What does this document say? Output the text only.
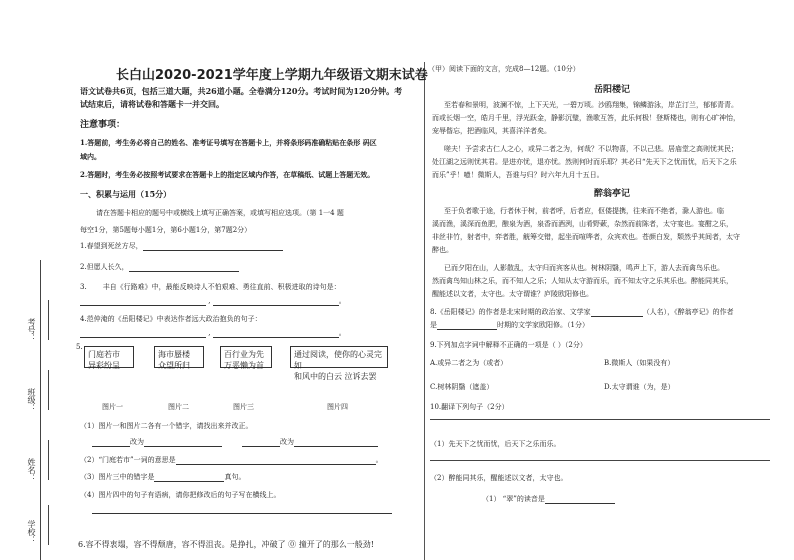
考号：
班级：
姓名：
学校：
长白山2020-2021学年度上学期九年级语文期末试卷
语文试卷共6页，包括三道大题，共26道小题。全卷满分120分。考试时间为120分钟。考
试结束后，请将试卷和答题卡一并交回。
注意事项：
1.答题前，考生务必将自己的姓名、准考证号填写在答题卡上，并将条形码准确粘贴在条形 码区
域内。
2.答题时，考生务必按照考试要求在答题卡上的指定区域内作答，在草稿纸、试题上答题无效。
一、积累与运用（15分）
请在答题卡相应的题号中或横线上填写正确答案，或填写相应选项。（第 1一4 题
每空1分，第5题每小题1分，第6小题1分，第7题2分）
1.春望到死丝方尽，
2.但愿人长久，
3. 丰自《行路难》中，最能反映诗人不怕艰难、勇往直前、积极进取的诗句是：
,	。
4.范仲淹的《岳阳楼记》中表达作者远大政治抱负的句子：
,	。
5.
门庭若市
异彩纷呈
海市蜃楼
众望所归
百行业为先
万恶懒为首
通过阅读，使你的心灵完如
和风中的白云 泣诉去罢
图片一	图片二	图片三	图片四
（1）图片一和图片二各有一个错字，请找出来并改正。
改为	改为
（2）“门庭若市”一词的意思是	。
（3）图片三中的错字是	真句。
（4）图片四中的句子有语病，请你把修改后的句子写在横线上。
6.容不得衷塌，容不得颓唐，容不得沮丧。是挣扎，冲破了 ⓪ 撞开了的那么一般劲!
（甲）阅读下面的文言，完成8—12题。（10分）
岳阳楼记
至若春和景明，波澜不惊，上下天光，一碧万顷。沙鸥翔集，锦鳞游泳，岸芷汀兰，郁郁青青。
而或长烟一空，皓月千里，浮光跃金，静影沉璧，渔歌互答，此乐何极！登斯楼也，则有心旷神怡，
宠辱偕忘，把酒临风，其喜洋洋者矣。
嗟夫！予尝求古仁人之心，或异二者之为，何哉？不以物喜，不以己悲。居庙堂之高则忧其民；
处江湖之远则忧其君。是进亦忧，退亦忧。然则何时而乐耶？其必曰“先天下之忧而忧，后天下之乐
而乐”乎！噫！微斯人，吾谁与归？时六年九月十五日。
醉翁亭记
至于负者歌于途，行者休于树，前者呼，后者应，伛偻提携，往来而不绝者，滁人游也。临
溪而渔，溪深而鱼肥，酿泉为酒，泉香而酒洌，山肴野蔌，杂然而前陈者，太守宴也。宴酣之乐，
非丝非竹，射者中，弈者胜，觥筹交错，起坐而喧哗者，众宾欢也。苍颜白发，颓然乎其间者，太守
醉也。
已而夕阳在山，人影散乱，太守归而宾客从也。树林阴翳，鸣声上下，游人去而禽鸟乐也。
然而禽鸟知山林之乐，而不知人之乐；人知从太守游而乐，而不知太守之乐其乐也。醉能同其乐，
醒能述以文者，太守也。太守谓谁？庐陵欧阳修也。
8.《岳阳楼记》的作者是北宋时期的政治家、文学家	（人名），《醉翁亭记》的作者
是	时期的文学家欧阳修。（1分）
9.下列加点字词中解释不正确的一项是（ ）（2分）
A.或异二者之为（或者）	B.微斯人（如果没有）
C.树林阴翳（遮盖）	D.太守谓谁（为，是）
10.翻译下列句子（2分）
（1）先天下之忧而忧，后天下之乐而乐。
（2）醉能同其乐，醒能述以文者，太守也。
（1） “翠”的读音是
